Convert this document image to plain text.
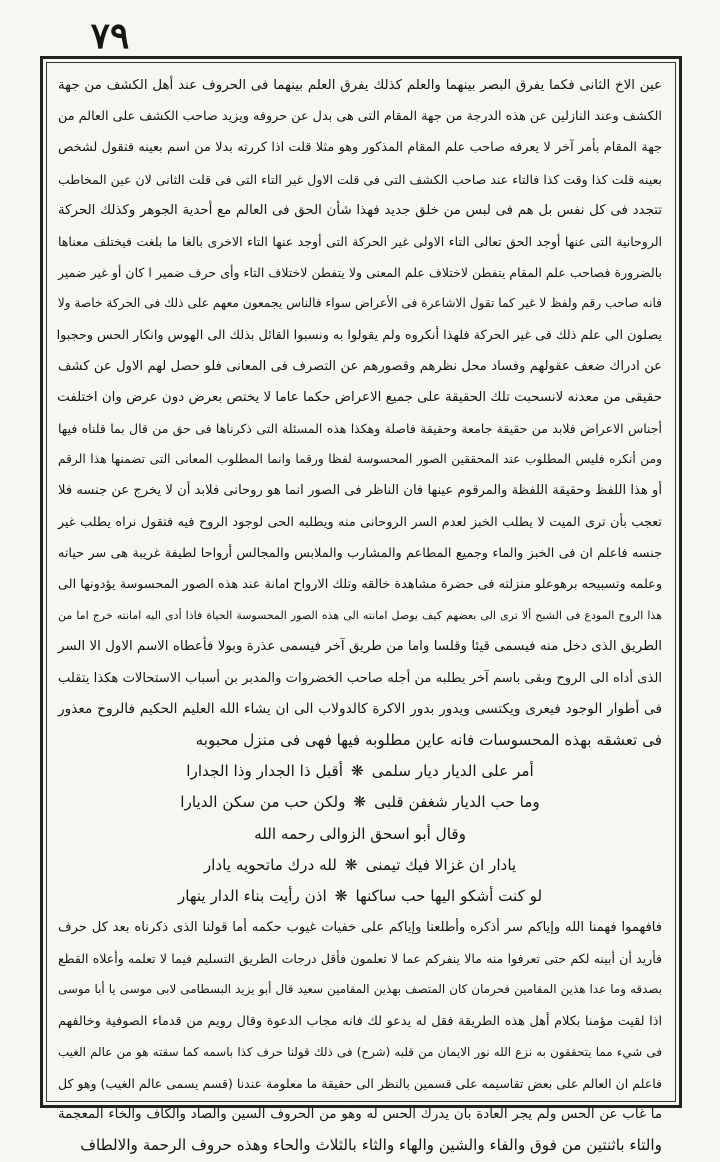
٧٩
عين الاخ الثانى فكما يفرق البصر بينهما والعلم كذلك يفرق العلم بينهما فى الحروف عند أهل الكشف من جهة
الكشف وعند النازلين عن هذه الدرجة من جهة المقام التى هى بدل عن حروفه ويزيد صاحب الكشف على العالم من
جهة المقام بأمر آخر لا يعرفه صاحب علم المقام المذكور وهو مثلا قلت اذا كررته بدلا من اسم بعينه فتقول لشخص
بعينه قلت كذا وقت كذا فالتاء عند صاحب الكشف التى فى قلت الاول غير التاء التى فى قلت الثانى لان عين المخاطب
تتجدد فى كل نفس بل هم فى لبس من خلق جديد فهذا شأن الحق فى العالم مع أحدية الجوهر وكذلك الحركة
الروحانية التى عنها أوجد الحق تعالى التاء الاولى غير الحركة التى أوجد عنها التاء الاخرى بالغا ما بلغت فيختلف معناها
بالضرورة فصاحب علم المقام يتفطن لاختلاف علم المعنى ولا يتفطن لاختلاف التاء وأى حرف ضمير ا كان أو غير ضمير
فانه صاحب رقم ولفظ لا غير كما تقول الاشاعرة فى الأعراض سواء فالناس يجمعون معهم على ذلك فى الحركة خاصة ولا
يصلون الى علم ذلك فى غير الحركة فلهذا أنكروه ولم يقولوا به ونسبوا القائل بذلك الى الهوس وانكار الحس وحجبوا
عن ادراك ضعف عقولهم وفساد محل نظرهم وقصورهم عن التصرف فى المعانى فلو حصل لهم الاول عن كشف
حقيقى من معدنه لانسحبت تلك الحقيقة على جميع الاعراض حكما عاما لا يختص بعرض دون عرض وان اختلفت
أجناس الاعراض فلابد من حقيقة جامعة وحقيقة فاصلة وهكذا هذه المسئلة التى ذكرناها فى حق من قال بما قلناه فيها
ومن أنكره فليس المطلوب عند المحققين الصور المحسوسة لفظا ورقما وانما المطلوب المعانى التى تضمنها هذا الرقم
أو هذا اللفظ وحقيقة اللفظة والمرقوم عينها فان الناظر فى الصور انما هو روحانى فلابد أن لا يخرج عن جنسه فلا
تعجب بأن ترى الميت لا يطلب الخبز لعدم السر الروحانى منه ويطلبه الحى لوجود الروح فيه فتقول نراه يطلب غير
جنسه فاعلم ان فى الخبز والماء وجميع المطاعم والمشارب والملابس والمجالس أرواحا لطيفة غريبة هى سر حياته
وعلمه وتسبيحه برهوعلو منزلته فى حضرة مشاهدة خالقه وتلك الارواح امانة عند هذه الصور المحسوسة يؤدونها الى
هذا الروح المودع فى الشبح ألا ترى الى بعضهم كيف يوصل امانته الى هذه الصور المحسوسة الحياة فاذا أدى اليه امانته خرج اما من
الطريق الذى دخل منه فيسمى قيئا وقلسا واما من طريق آخر فيسمى عذرة وبولا فأعطاه الاسم الاول الا السر
الذى أداه الى الروح وبقى باسم آخر يطلبه من أجله صاحب الخضروات والمدبر بن أسباب الاستحالات هكذا يتقلب
فى أطوار الوجود فيعرى ويكتسى ويدور بدور الاكرة كالدولاب الى ان يشاء الله العليم الحكيم فالروح معذور
فى تعشقه بهذه المحسوسات فانه عاين مطلوبه فيها فهى فى منزل محبوبه
أمر على الديار ديار سلمى
❋
أقبل ذا الجدار وذا الجدارا
وما حب الديار شغفن قلبى
❋
ولكن حب من سكن الديارا
وقال أبو اسحق الزوالى رحمه الله
يادار ان غزالا فيك تيمنى
❋
لله درك ماتحويه يادار
لو كنت أشكو اليها حب ساكنها
❋
اذن رأيت بناء الدار ينهار
فافهموا فهمنا الله وإياكم سر أذكره وأطلعنا وإياكم على خفيات غيوب حكمه أما قولنا الذى ذكرناه بعد كل حرف
فأريد أن أبينه لكم حتى تعرفوا منه مالا ينفركم عما لا تعلمون فأقل درجات الطريق التسليم فيما لا تعلمه وأعلاه القطع
بصدقه وما عدا هذين المقامين فحرمان كان المتصف بهذين المقامين سعيد قال أبو يزيد البسطامى لابى موسى يا أبا موسى
اذا لقيت مؤمنا بكلام أهل هذه الطريقة فقل له يدعو لك فانه مجاب الدعوة وقال رويم من قدماء الصوفية وخالفهم
فى شيء مما يتحققون به نزع الله نور الايمان من قلبه (شرح) فى ذلك قولنا حرف كذا باسمه كما سقته هو من عالم الغيب
فاعلم ان العالم على بعض تقاسيمه على قسمين بالنظر الى حقيقة ما معلومة عندنا (قسم يسمى عالم الغيب) وهو كل
ما غاب عن الحس ولم يجر العادة بان يدرك الحس له وهو من الحروف السين والصاد والكاف والخاء المعجمة
والتاء باثنتين من فوق والفاء والشين والهاء والثاء بالثلاث والحاء وهذه حروف الرحمة والالطاف
